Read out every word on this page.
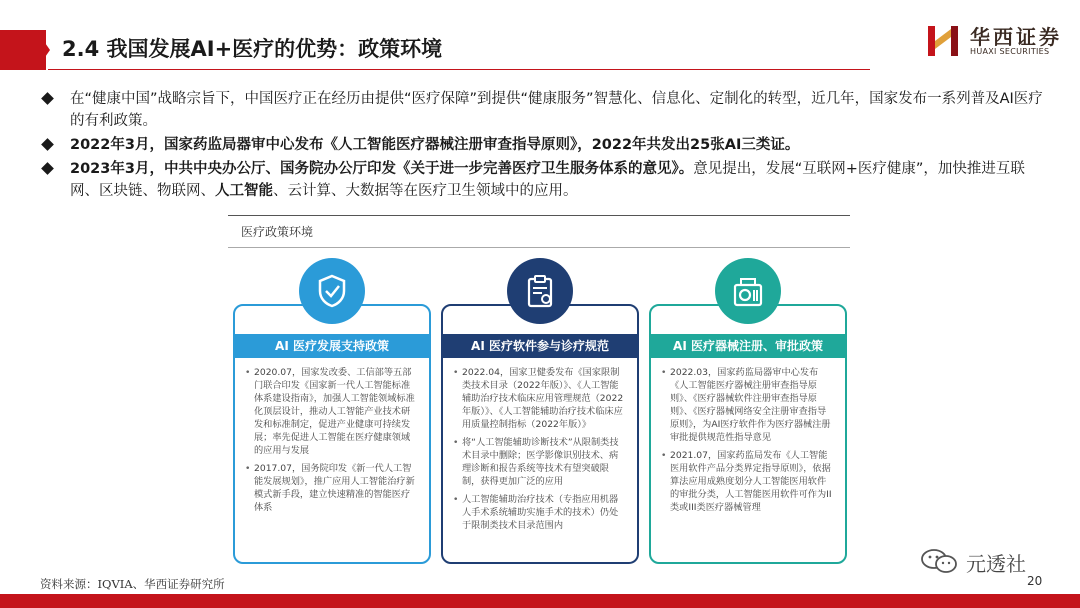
2.4 我国发展AI+医疗的优势：政策环境	华西证券
HUAXI SECURITIES
在“健康中国”战略宗旨下，中国医疗正在经历由提供“医疗保障”到提供“健康服务”智慧化、信息化、定制化的转型，近几年，国家发布一系列普及AI医疗的有利政策。
2022年3月，国家药监局器审中心发布《人工智能医疗器械注册审查指导原则》，2022年共发出25张AI三类证。
2023年3月，中共中央办公厅、国务院办公厅印发《关于进一步完善医疗卫生服务体系的意见》。意见提出，发展“互联网+医疗健康”，加快推进互联网、区块链、物联网、人工智能、云计算、大数据等在医疗卫生领域中的应用。
医疗政策环境
AI 医疗发展支持政策
• 2020.07，国家发改委、工信部等五部门联合印发《国家新一代人工智能标准体系建设指南》，加强人工智能领域标准化顶层设计，推动人工智能产业技术研发和标准制定，促进产业健康可持续发展；率先促进人工智能在医疗健康领域的应用与发展
• 2017.07，国务院印发《新一代人工智能发展规划》，推广应用人工智能治疗新模式新手段，建立快速精准的智能医疗体系
AI 医疗软件参与诊疗规范
• 2022.04，国家卫健委发布《国家限制类技术目录（2022年版）》、《人工智能辅助治疗技术临床应用管理规范（2022年版）》、《人工智能辅助治疗技术临床应用质量控制指标（2022年版）》
• 将“人工智能辅助诊断技术”从限制类技术目录中删除；医学影像识别技术、病理诊断和报告系统等技术有望突破限制，获得更加广泛的应用
• 人工智能辅助治疗技术（专指应用机器人手术系统辅助实施手术的技术）仍处于限制类技术目录范围内
AI 医疗器械注册、审批政策
• 2022.03，国家药监局器审中心发布《人工智能医疗器械注册审查指导原则》、《医疗器械软件注册审查指导原则》、《医疗器械网络安全注册审查指导原则》，为AI医疗软件作为医疗器械注册审批提供规范性指导意见
• 2021.07，国家药监局发布《人工智能医用软件产品分类界定指导原则》，依据算法应用成熟度划分人工智能医用软件的审批分类，人工智能医用软件可作为II类或III类医疗器械管理
资料来源：IQVIA、华西证券研究所
元透社
20
